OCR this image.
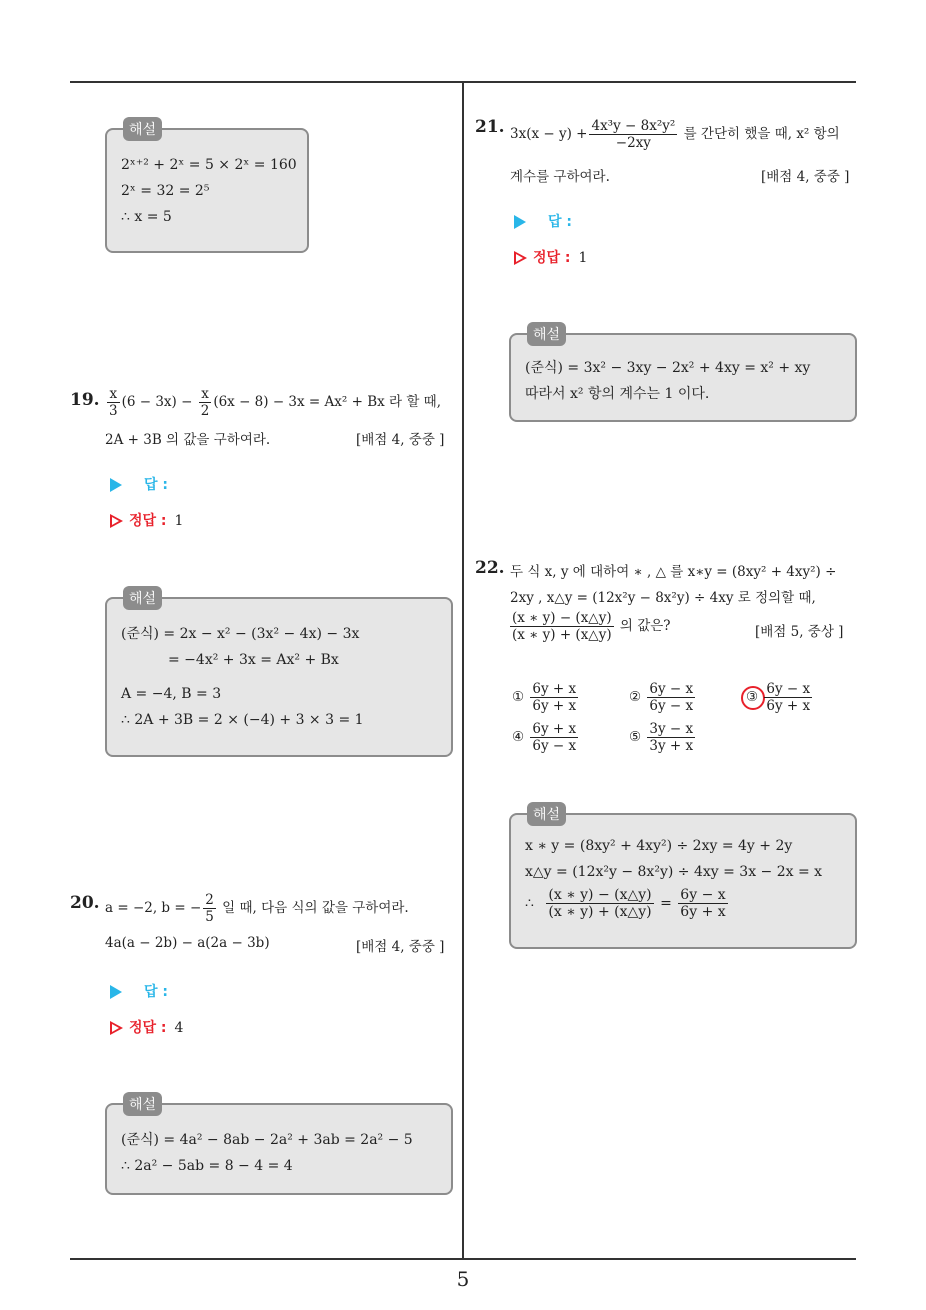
해설
2ˣ⁺² + 2ˣ = 5 × 2ˣ = 160
2ˣ = 32 = 2⁵
∴ x = 5
19. $\frac{x}{3} (6 - 3x) - \frac{x}{2} (6x - 8) - 3x = Ax^2 + Bx$ 라 할 때,
2A + 3B 의 값을 구하여라.	[배점 4, 중중 ]
답 :
정답 : 1
해설
(준식) = 2x − x² − (3x² − 4x) − 3x
= −4x² + 3x = Ax² + Bx
A = −4, B = 3
∴ 2A + 3B = 2 × (−4) + 3 × 3 = 1
20. a = −2, b = − $\frac{2}{5}$ 일 때, 다음 식의 값을 구하여라.
4a(a − 2b) − a(2a − 3b)	[배점 4, 중중 ]
답 :
정답 : 4
해설
(준식) = 4a² − 8ab − 2a² + 3ab = 2a² − 5
∴ 2a² − 5ab = 8 − 4 = 4
21. $3x(x - y) + \frac{\text{4x³y − 8x²y²}}{-2xy}$ 를 간단히 했을 때, x² 항의
계수를 구하여라.	[배점 4, 중중 ]
답 :
정답 : 1
해설
(준식) = 3x² − 3xy − 2x² + 4xy = x² + xy
따라서 x² 항의 계수는 1 이다.
22. 두 식 x, y 에 대하여 ∗ , △ 를 x∗y = (8xy² + 4xy²) ÷
2xy , x△y = (12x²y − 8x²y) ÷ 4xy 로 정의할 때,
$\frac{(x ∗ y) - (x\triangle y)}{(x ∗ y) + (x\triangle y)}$ 의 값은?	[배점 5, 중상 ]
① $\frac{6y + x}{6y + x}$	② $\frac{6y - x}{6y - x}$	③ $\frac{6y - x}{6y + x}$
④ $\frac{6y + x}{6y - x}$	⑤ $\frac{3y - x}{3y + x}$
해설
x ∗ y = (8xy² + 4xy²) ÷ 2xy = 4y + 2y
x△y = (12x²y − 8x²y) ÷ 4xy = 3x − 2x = x
∴ $\frac{(x ∗ y) - (x\triangle y)}{(x ∗ y) + (x\triangle y)} = \frac{6y - x}{6y + x}$
5
